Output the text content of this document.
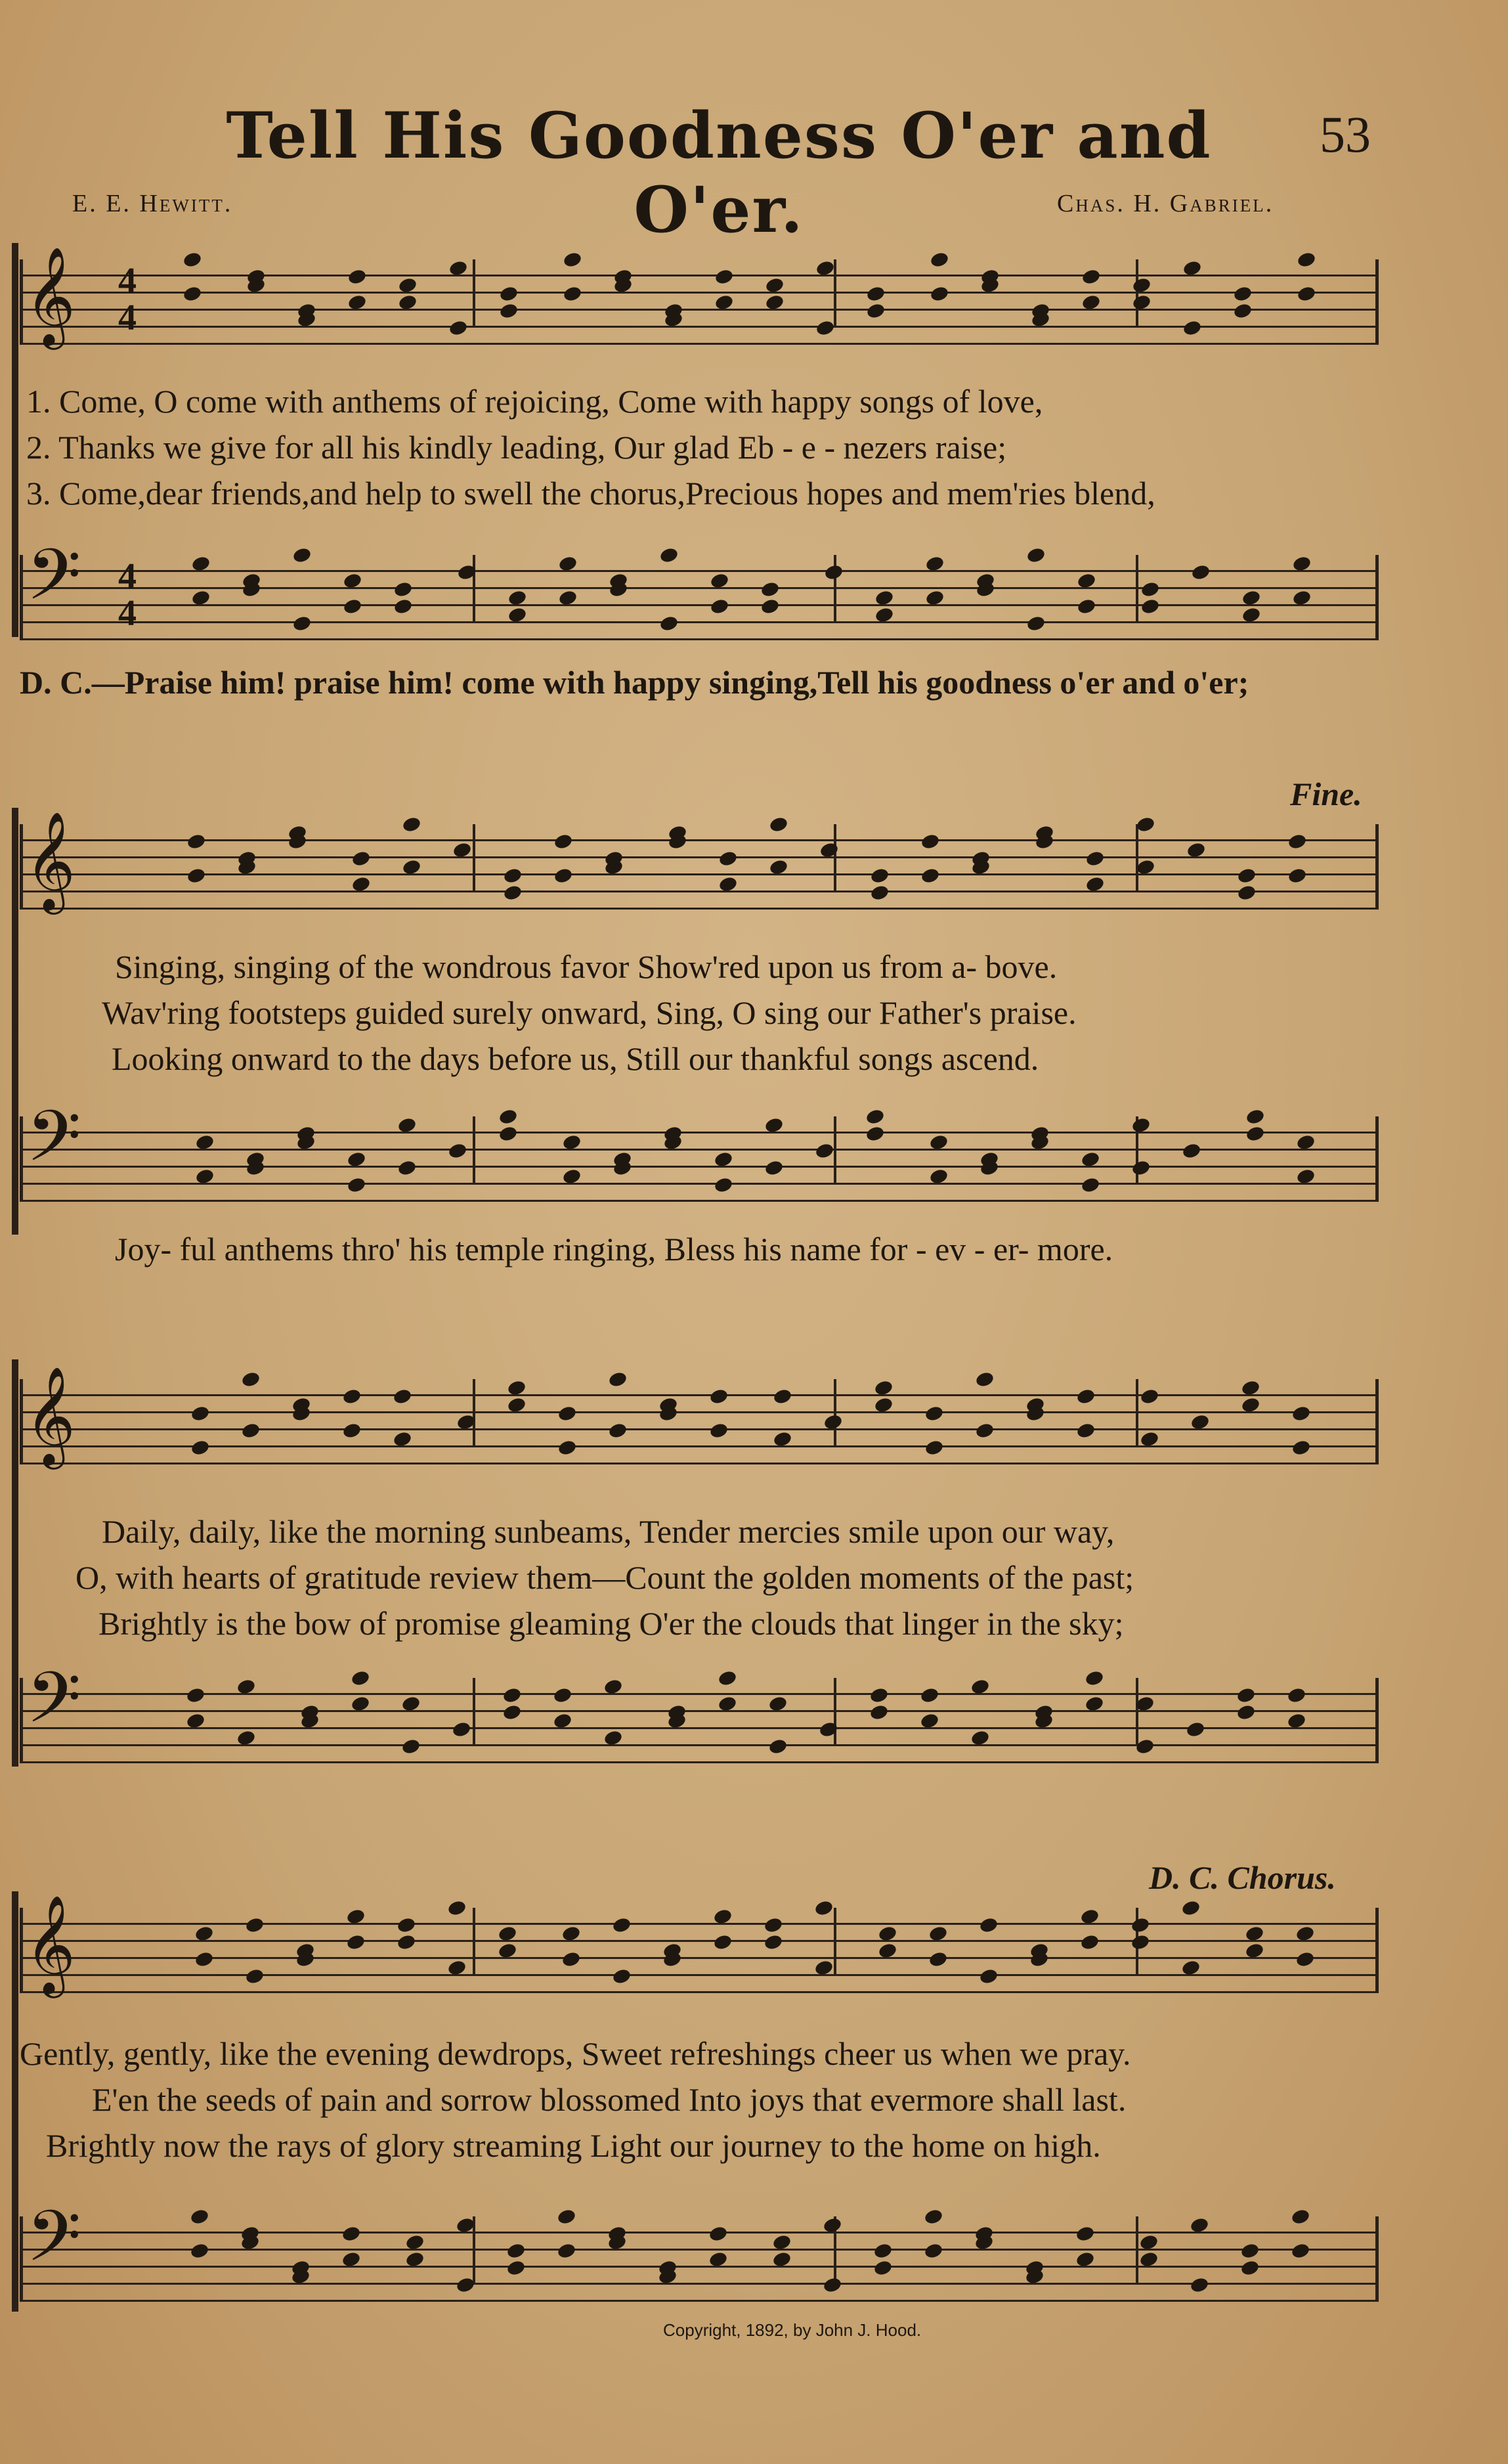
Tell His Goodness O'er and O'er.
53
E. E. Hewitt.	Chas. H. Gabriel.
𝄞 4
4
𝄢 4
4
1. Come, O come with anthems of rejoicing, Come with happy songs of love,
2. Thanks we give for all his kindly leading, Our glad Eb - e - nezers raise;
3. Come,dear friends,and help to swell the chorus,Precious hopes and mem'ries blend,
D. C.—Praise him! praise him! come with happy singing,Tell his goodness o'er and o'er;
Fine.
𝄞
𝄢
Singing, singing of the wondrous favor Show'red upon us from a- bove.
Wav'ring footsteps guided surely onward, Sing, O sing our Father's praise.
Looking onward to the days before us, Still our thankful songs ascend.
Joy- ful anthems thro' his temple ringing, Bless his name for - ev - er- more.
𝄞
𝄢
Daily, daily, like the morning sunbeams, Tender mercies smile upon our way,
O, with hearts of gratitude review them—Count the golden moments of the past;
Brightly is the bow of promise gleaming O'er the clouds that linger in the sky;
D. C. Chorus.
𝄞
𝄢
Gently, gently, like the evening dewdrops, Sweet refreshings cheer us when we pray.
E'en the seeds of pain and sorrow blossomed Into joys that evermore shall last.
Brightly now the rays of glory streaming Light our journey to the home on high.
Copyright, 1892, by John J. Hood.
